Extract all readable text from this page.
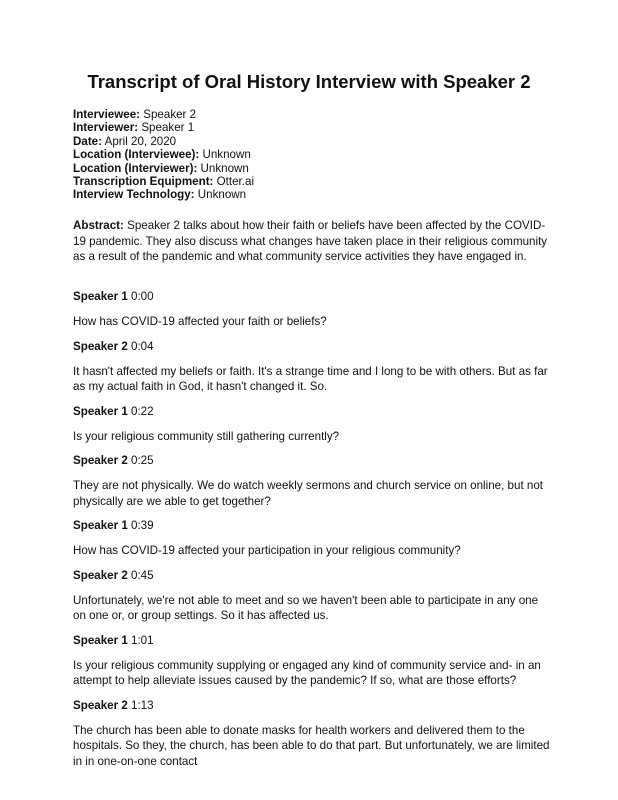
Transcript of Oral History Interview with Speaker 2
Interviewee: Speaker 2
Interviewer: Speaker 1
Date: April 20, 2020
Location (Interviewee): Unknown
Location (Interviewer): Unknown
Transcription Equipment: Otter.ai
Interview Technology: Unknown
Abstract: Speaker 2 talks about how their faith or beliefs have been affected by the COVID-19 pandemic. They also discuss what changes have taken place in their religious community as a result of the pandemic and what community service activities they have engaged in.
Speaker 1 0:00
How has COVID-19 affected your faith or beliefs?
Speaker 2 0:04
It hasn't affected my beliefs or faith. It's a strange time and I long to be with others. But as far as my actual faith in God, it hasn't changed it. So.
Speaker 1 0:22
Is your religious community still gathering currently?
Speaker 2 0:25
They are not physically. We do watch weekly sermons and church service on online, but not physically are we able to get together?
Speaker 1 0:39
How has COVID-19 affected your participation in your religious community?
Speaker 2 0:45
Unfortunately, we're not able to meet and so we haven't been able to participate in any one on one or, or group settings. So it has affected us.
Speaker 1 1:01
Is your religious community supplying or engaged any kind of community service and- in an attempt to help alleviate issues caused by the pandemic? If so, what are those efforts?
Speaker 2 1:13
The church has been able to donate masks for health workers and delivered them to the hospitals. So they, the church, has been able to do that part. But unfortunately, we are limited in in one-on-one contact
